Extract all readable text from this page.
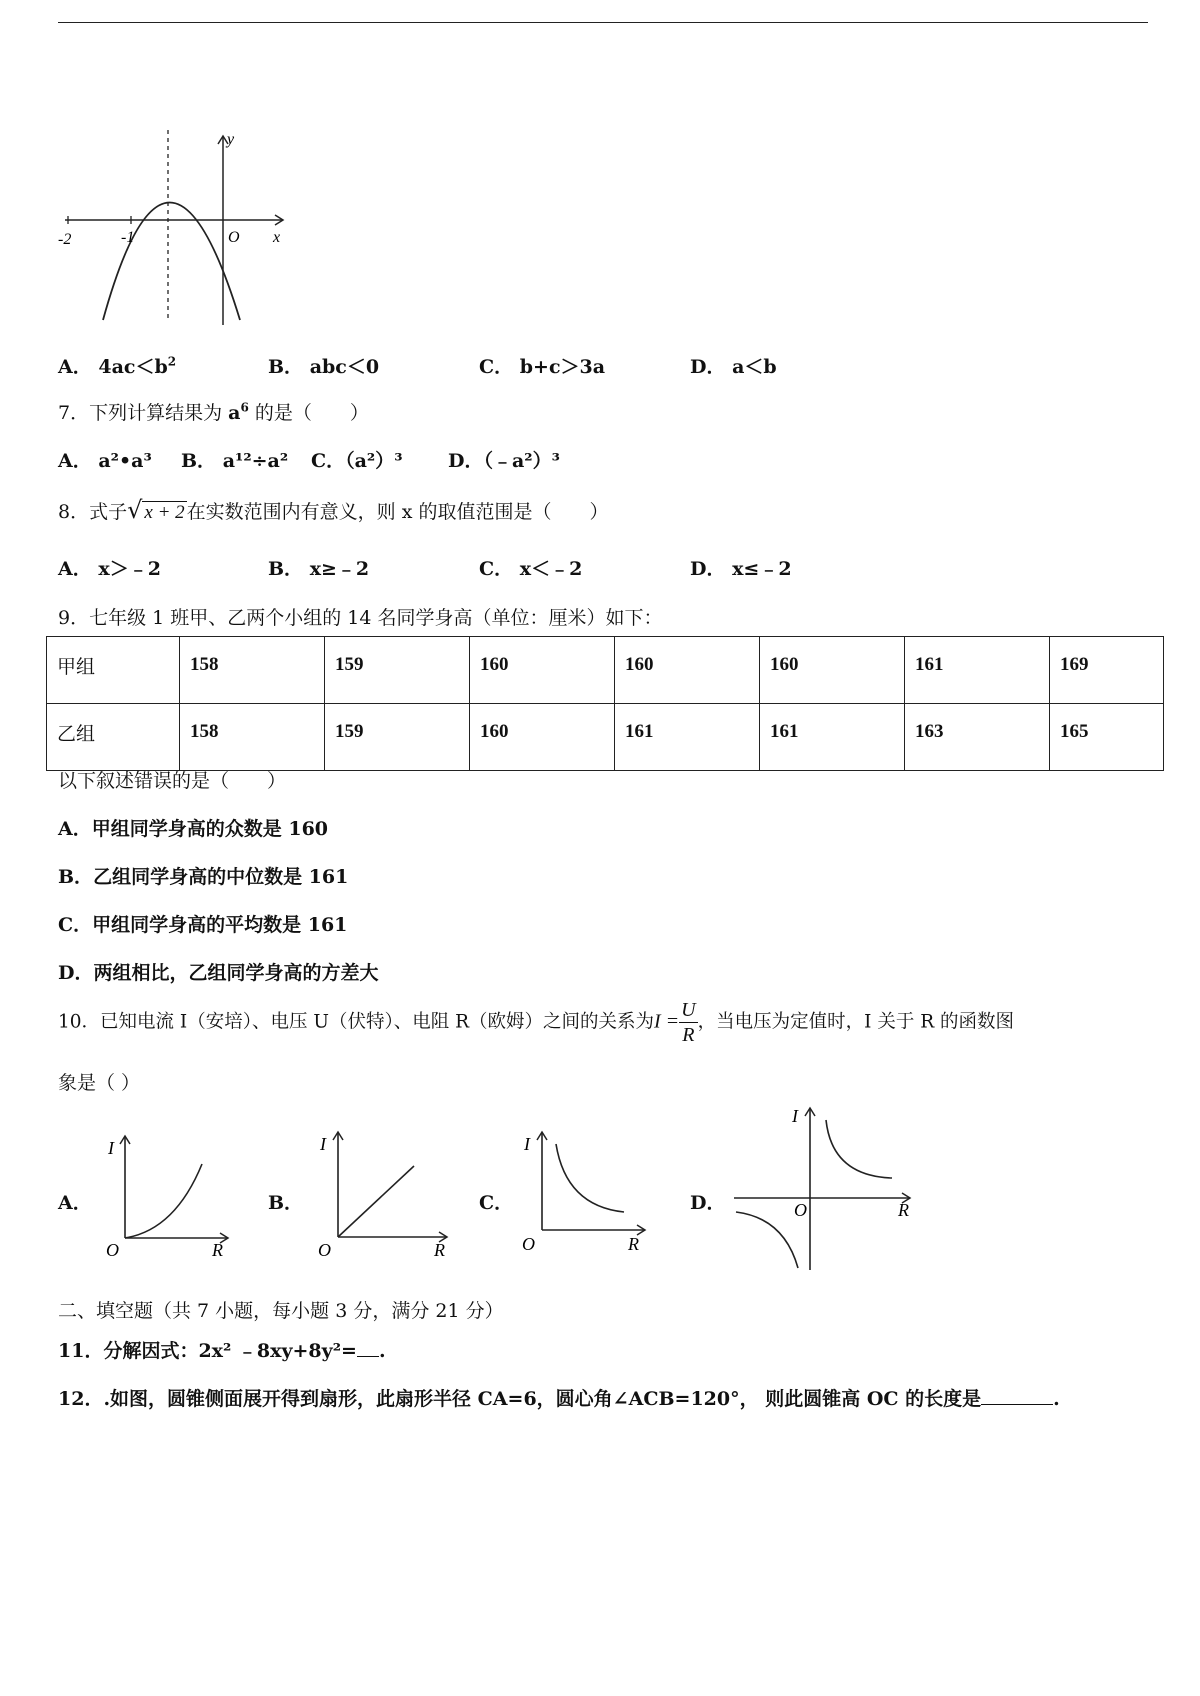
y
x
O
-2	-1
A． $4ac<b^2$	B． abc＜0	C． b+c＞3a	D． a＜b
7．下列计算结果为 $a^6$ 的是（　　）
A． a²•a³ B． a¹²÷a² C．（a²）³ D．（﹣a²）³
8．式子√ x + 2 在实数范围内有意义，则 x 的取值范围是（　　）
A． x＞﹣2	B． x≥﹣2	C． x＜﹣2	D． x≤﹣2
9．七年级 1 班甲、乙两个小组的 14 名同学身高（单位：厘米）如下：
甲组	158	159	160	160	160	161	169
乙组	158	159	160	161	161	163	165
以下叙述错误的是（　　）
A．甲组同学身高的众数是 160
B．乙组同学身高的中位数是 161
C．甲组同学身高的平均数是 161
D．两组相比，乙组同学身高的方差大
10．已知电流 I（安培）、电压 U（伏特）、电阻 R（欧姆）之间的关系为$I = \frac{U}{R}$ ，当电压为定值时，I 关于 R 的函数图
象是（ ）
A．
I
R
O
B．
I
R
O
C．
I
R
O
D．
I
R
O
二、填空题（共 7 小题，每小题 3 分，满分 21 分）
11．分解因式：2x² ﹣8xy+8y²= .
12．.如图，圆锥侧面展开得到扇形，此扇形半径 CA=6，圆心角∠ACB=120°， 则此圆锥高 OC 的长度是	.
